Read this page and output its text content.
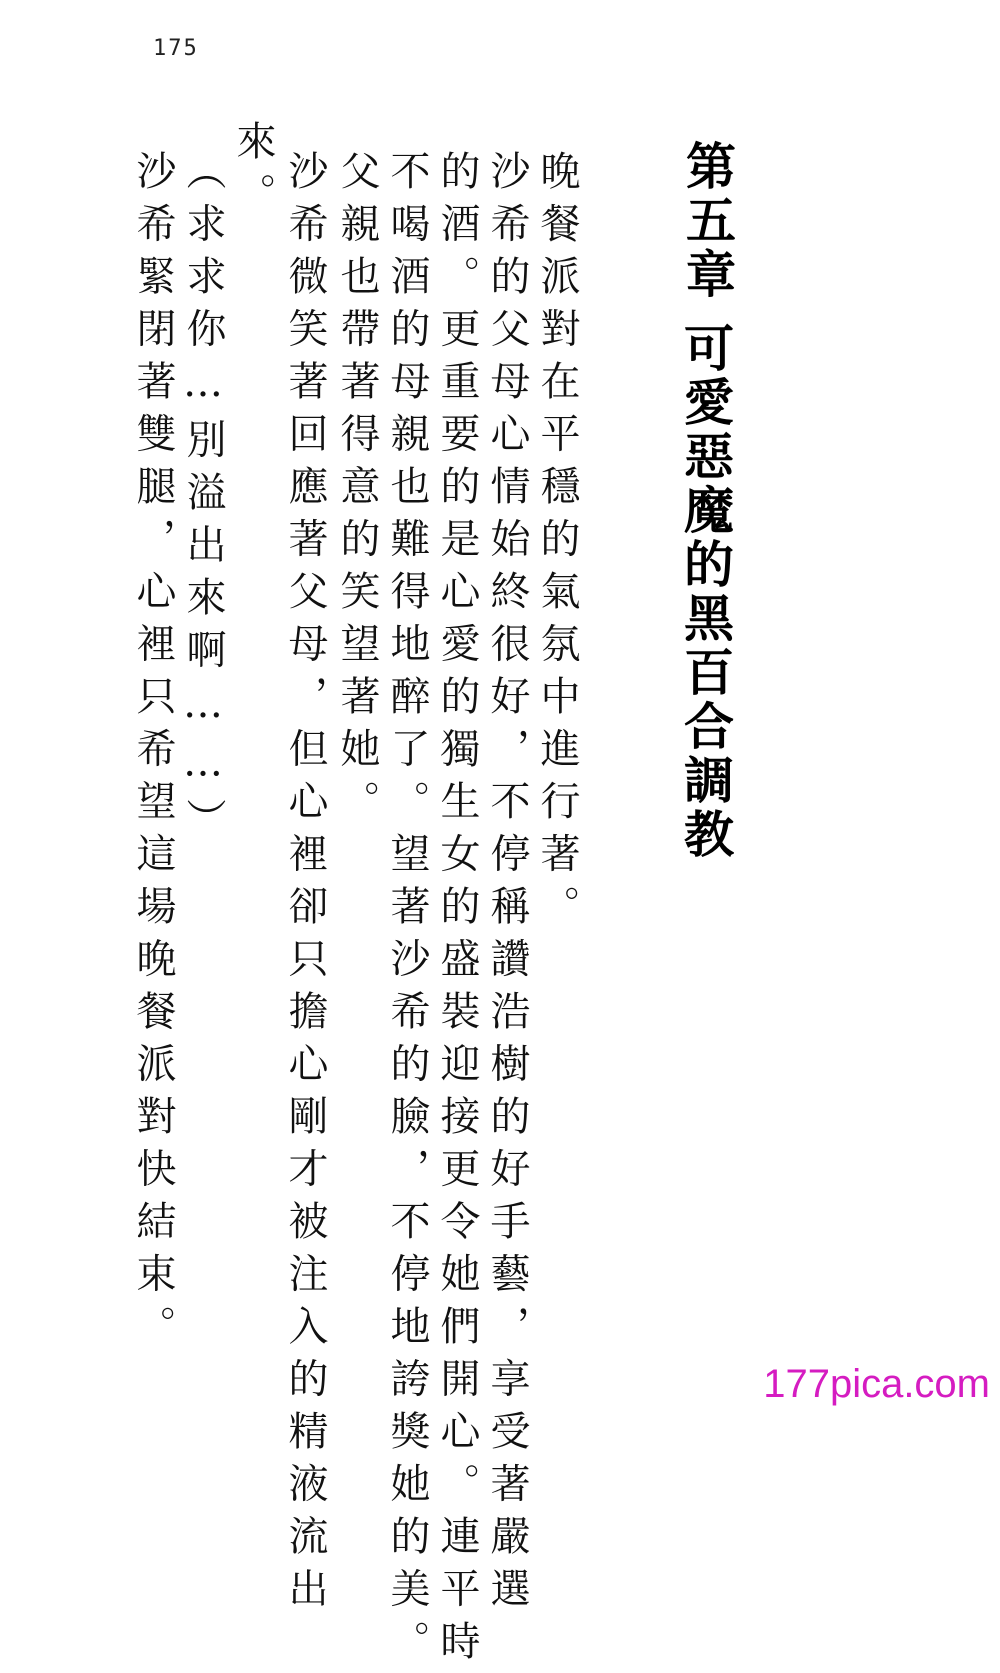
175
第五章
可愛惡魔的黑百合調教
晚餐派對在平穩的氣氛中進行著。
沙希的父母心情始終很好，不停稱讚浩樹的好手藝，享受著嚴選
的酒。更重要的是心愛的獨生女的盛裝迎接更令她們開心。連平時
不喝酒的母親也難得地醉了。望著沙希的臉，不停地誇獎她的美。
父親也帶著得意的笑望著她。
沙希微笑著回應著父母，但心裡卻只擔心剛才被注入的精液流出
來。
（求求你…別溢出來啊……）
沙希緊閉著雙腿，心裡只希望這場晚餐派對快結束。
177pica.com
